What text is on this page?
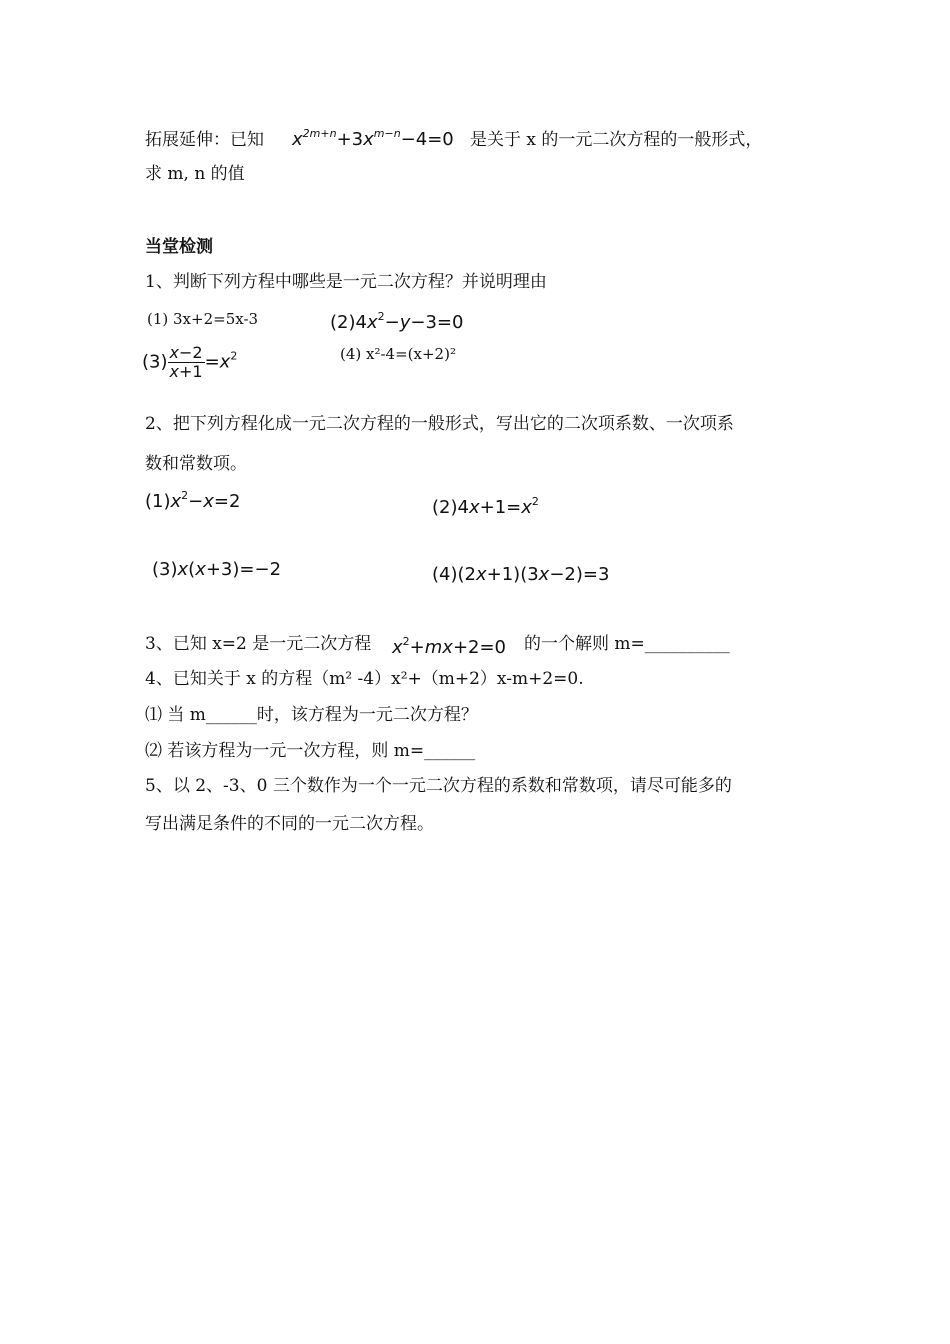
拓展延伸：已知 $x^{2m+n}+3x^{m-n}-4=0$ 是关于 x 的一元二次方程的一般形式，
求 m, n 的值
当堂检测
1、判断下列方程中哪些是一元二次方程？并说明理由
(1) 3x+2=5x-3	$(2)4x^2-y-3=0$
$(3) \frac{x-2}{x+1} =x^2$	(4) x²-4=(x+2)²
2、把下列方程化成一元二次方程的一般形式，写出它的二次项系数、一次项系
数和常数项。
$(1)x^2-x=2$	$(2)4x+1=x^2$
(3)x(x+3)=−2	(4)(2x+1)(3x−2)=3
3、已知 x=2 是一元二次方程 $x^2+mx+2=0$ 的一个解则 m=__________
4、已知关于 x 的方程（m² -4）x²+（m+2）x-m+2=0.
⑴ 当 m______时，该方程为一元二次方程？
⑵ 若该方程为一元一次方程，则 m=______
5、以 2、-3、0 三个数作为一个一元二次方程的系数和常数项，请尽可能多的
写出满足条件的不同的一元二次方程。
